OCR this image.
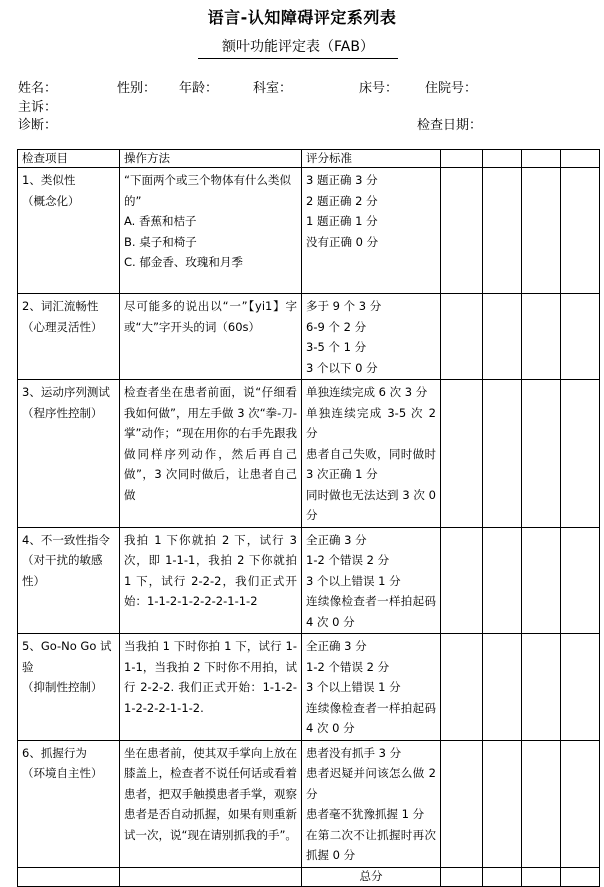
语言-认知障碍评定系列表
额叶功能评定表（FAB）
姓名：	性别： 年龄：	科室：	床号： 住院号：
主诉：
诊断：	检查日期：
检查项目	操作方法	评分标准				

1、类似性
（概念化）	“下面两个或三个物体有什么类似的”
A. 香蕉和桔子
B. 桌子和椅子
C. 郁金香、玫瑰和月季	3 题正确 3 分
2 题正确 2 分
1 题正确 1 分
没有正确 0 分				

2、词汇流畅性
（心理灵活性）	尽可能多的说出以“一”【yi1】字或“大”字开头的词（60s）	多于 9 个 3 分
6-9 个 2 分
3-5 个 1 分
3 个以下 0 分				

3、运动序列测试
（程序性控制）	检查者坐在患者前面，说“仔细看我如何做”，用左手做 3 次“拳-刀-掌”动作；“现在用你的右手先跟我做同样序列动作，然后再自己做”，3 次同时做后，让患者自己做	单独连续完成 6 次 3 分
单独连续完成 3-5 次 2 分
患者自己失败，同时做时 3 次正确 1 分
同时做也无法达到 3 次 0 分				

4、不一致性指令
（对干扰的敏感性）	我拍 1 下你就拍 2 下，试行 3 次，即 1-1-1，我拍 2 下你就拍 1 下，试行 2-2-2，我们正式开始：1-1-2-1-2-2-2-1-1-2	全正确 3 分
1-2 个错误 2 分
3 个以上错误 1 分
连续像检查者一样拍起码 4 次 0 分				

5、Go-No Go 试验
（抑制性控制）	当我拍 1 下时你拍 1 下，试行 1-1-1，当我拍 2 下时你不用拍，试行 2-2-2. 我们正式开始：1-1-2-1-2-2-2-1-1-2.	全正确 3 分
1-2 个错误 2 分
3 个以上错误 1 分
连续像检查者一样拍起码 4 次 0 分				

6、抓握行为
（环境自主性）	坐在患者前，使其双手掌向上放在膝盖上，检查者不说任何话或看着患者，把双手触摸患者手掌，观察患者是否自动抓握，如果有则重新试一次，说“现在请别抓我的手”。	患者没有抓手 3 分
患者迟疑并问该怎么做 2 分
患者毫不犹豫抓握 1 分
在第二次不让抓握时再次抓握 0 分				

		总分				
